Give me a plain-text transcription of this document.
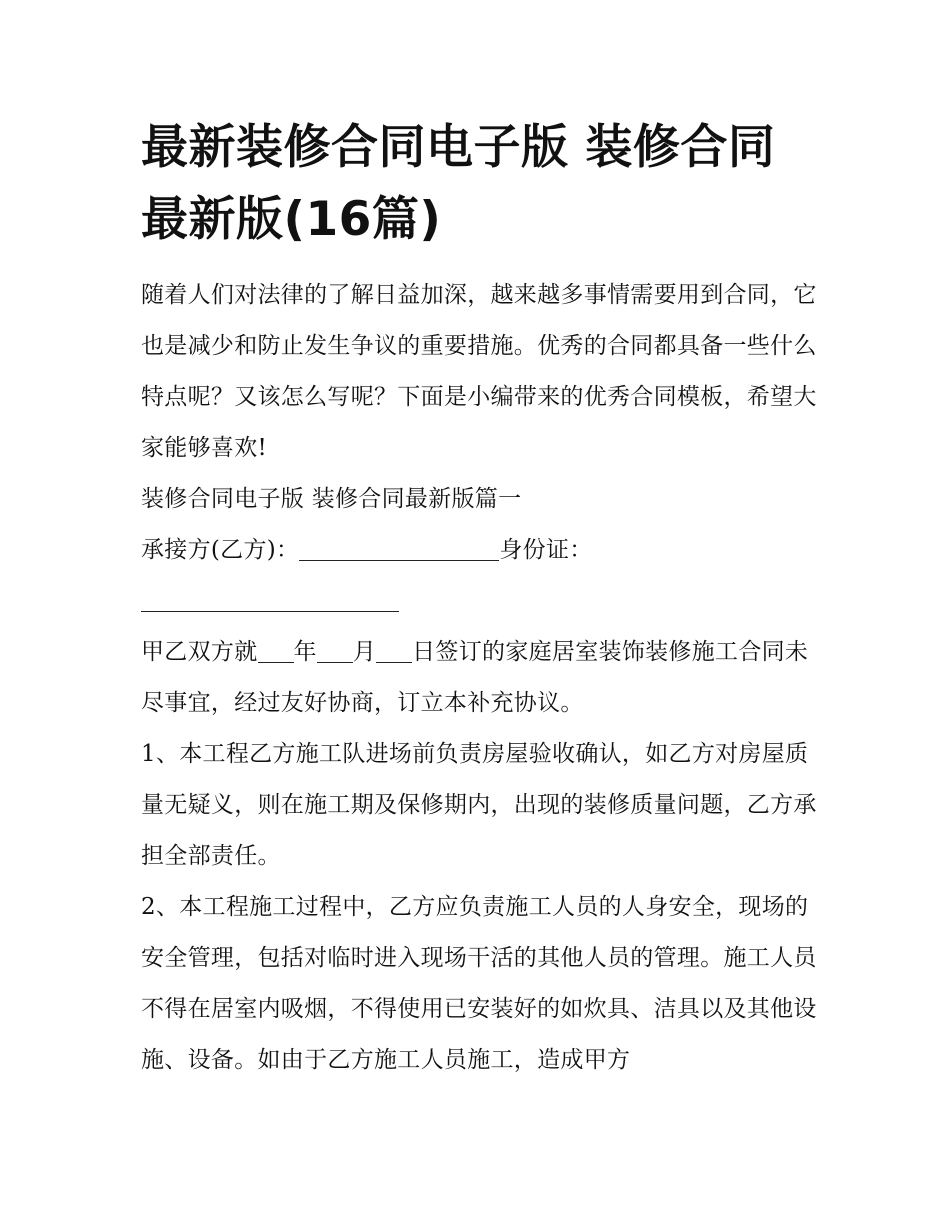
最新装修合同电子版 装修合同最新版(16篇)

随着人们对法律的了解日益加深，越来越多事情需要用到合同，它也是减少和防止发生争议的重要措施。优秀的合同都具备一些什么特点呢？又该怎么写呢？下面是小编带来的优秀合同模板，希望大家能够喜欢!

装修合同电子版 装修合同最新版篇一

承接方(乙方)：	身份证：

甲乙双方就 年 月 日签订的家庭居室装饰装修施工合同未尽事宜，经过友好协商，订立本补充协议。

1、本工程乙方施工队进场前负责房屋验收确认，如乙方对房屋质量无疑义，则在施工期及保修期内，出现的装修质量问题，乙方承担全部责任。

2、本工程施工过程中，乙方应负责施工人员的人身安全，现场的安全管理，包括对临时进入现场干活的其他人员的管理。施工人员不得在居室内吸烟，不得使用已安装好的如炊具、洁具以及其他设施、设备。如由于乙方施工人员施工，造成甲方
